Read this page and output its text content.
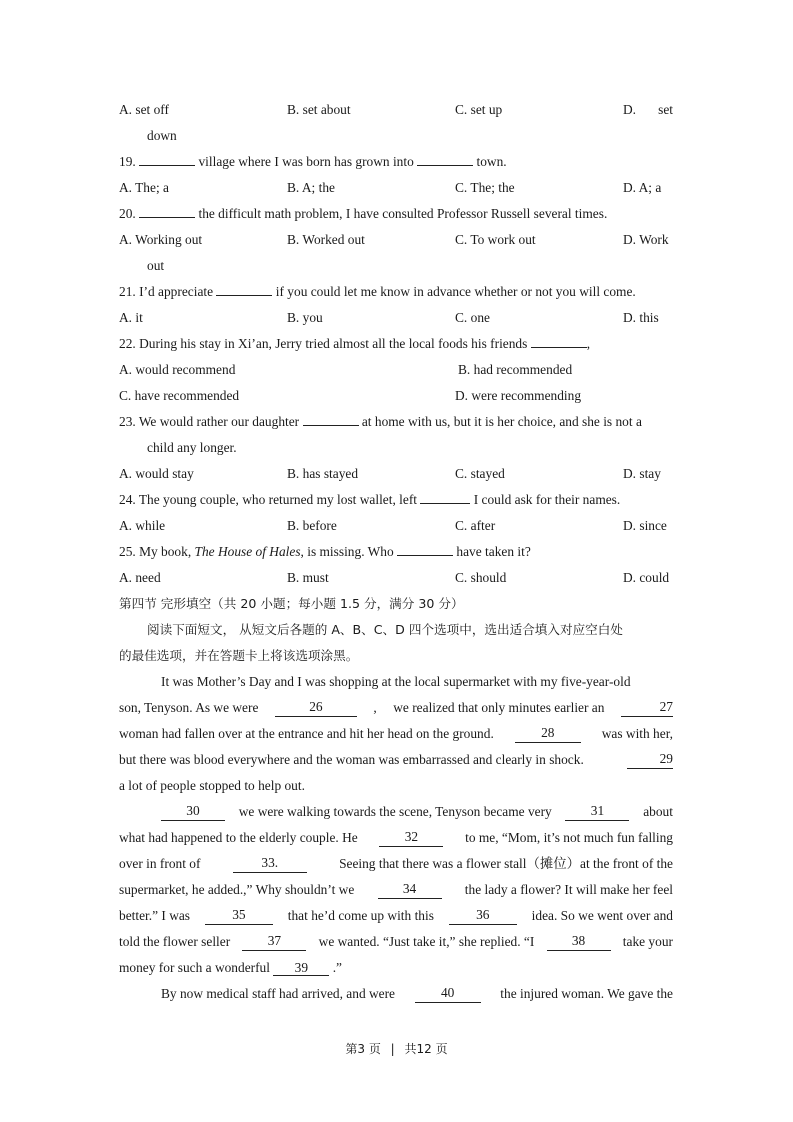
A. set off	B. set about	C. set up	D. set
down
19.	village where I was born has grown into	town.
A. The; a	B. A; the	C. The; the	D. A; a
20.	the difficult math problem, I have consulted Professor Russell several times.
A. Working out	B. Worked out	C. To work out	D. Work
out
21. I’d appreciate	if you could let me know in advance whether or not you will come.
A. it	B. you	C. one	D. this
22. During his stay in Xi’an, Jerry tried almost all the local foods his friends	,
A. would recommend	B. had recommended
C. have recommended	D. were recommending
23. We would rather our daughter	at home with us, but it is her choice, and she is not a
child any longer.
A. would stay	B. has stayed	C. stayed	D. stay
24. The young couple, who returned my lost wallet, left	I could ask for their names.
A. while	B. before	C. after	D. since
25. My book, The House of Hales, is missing. Who	have taken it?
A. need	B. must	C. should	D. could
第四节 完形填空（共 20 小题；每小题 1.5 分，满分 30 分）
阅读下面短文， 从短文后各题的 A、B、C、D 四个选项中，选出适合填入对应空白处
的最佳选项，并在答题卡上将该选项涂黑。
It was Mother’s Day and I was shopping at the local supermarket with my five-year-old
son, Tenyson. As we were	26	, we realized that only minutes earlier an	27
woman had fallen over at the entrance and hit her head on the ground.	28	was with her,
but there was blood everywhere and the woman was embarrassed and clearly in shock.	29
a lot of people stopped to help out.
30	we were walking towards the scene, Tenyson became very	31	about
what had happened to the elderly couple. He	32	to me, “Mom, it’s not much fun falling
over in front of	33.	Seeing that there was a flower stall（摊位）at the front of the
supermarket, he added.,” Why shouldn’t we	34	the lady a flower? It will make her feel
better.” I was	35	that he’d come up with this	36	idea. So we went over and
told the flower seller	37	we wanted. “Just take it,” she replied. “I	38	take your
money for such a wonderful 39 .”
By now medical staff had arrived, and were	40	the injured woman. We gave the
第3 页 | 共12 页
